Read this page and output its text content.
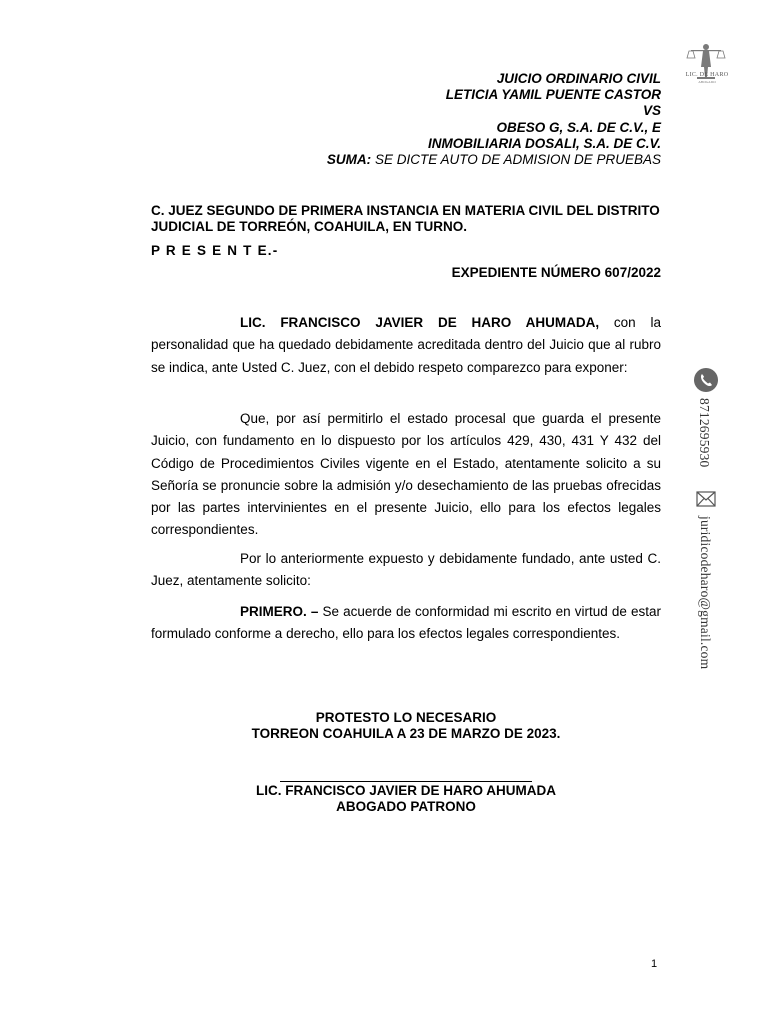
LIC. DE HARO
ABOGADO
JUICIO ORDINARIO CIVIL
LETICIA YAMIL PUENTE CASTOR
VS
OBESO G, S.A. DE C.V., E
INMOBILIARIA DOSALI, S.A. DE C.V.
SUMA: SE DICTE AUTO DE ADMISION DE PRUEBAS
C. JUEZ SEGUNDO DE PRIMERA INSTANCIA EN MATERIA CIVIL DEL DISTRITO JUDICIAL DE TORREÓN, COAHUILA, EN TURNO.
P R E S E N T E.-
EXPEDIENTE NÚMERO 607/2022
LIC. FRANCISCO JAVIER DE HARO AHUMADA, con la personalidad que ha quedado debidamente acreditada dentro del Juicio que al rubro se indica, ante Usted C. Juez, con el debido respeto comparezco para exponer:
Que, por así permitirlo el estado procesal que guarda el presente Juicio, con fundamento en lo dispuesto por los artículos 429, 430, 431 Y 432 del Código de Procedimientos Civiles vigente en el Estado, atentamente solicito a su Señoría se pronuncie sobre la admisión y/o desechamiento de las pruebas ofrecidas por las partes intervinientes en el presente Juicio, ello para los efectos legales correspondientes.
Por lo anteriormente expuesto y debidamente fundado, ante usted C. Juez, atentamente solicito:
PRIMERO. – Se acuerde de conformidad mi escrito en virtud de estar formulado conforme a derecho, ello para los efectos legales correspondientes.
PROTESTO LO NECESARIO
TORREON COAHUILA A 23 DE MARZO DE 2023.
LIC. FRANCISCO JAVIER DE HARO AHUMADA
ABOGADO PATRONO
8712695930
juridicodeharo@gmail.com
1
